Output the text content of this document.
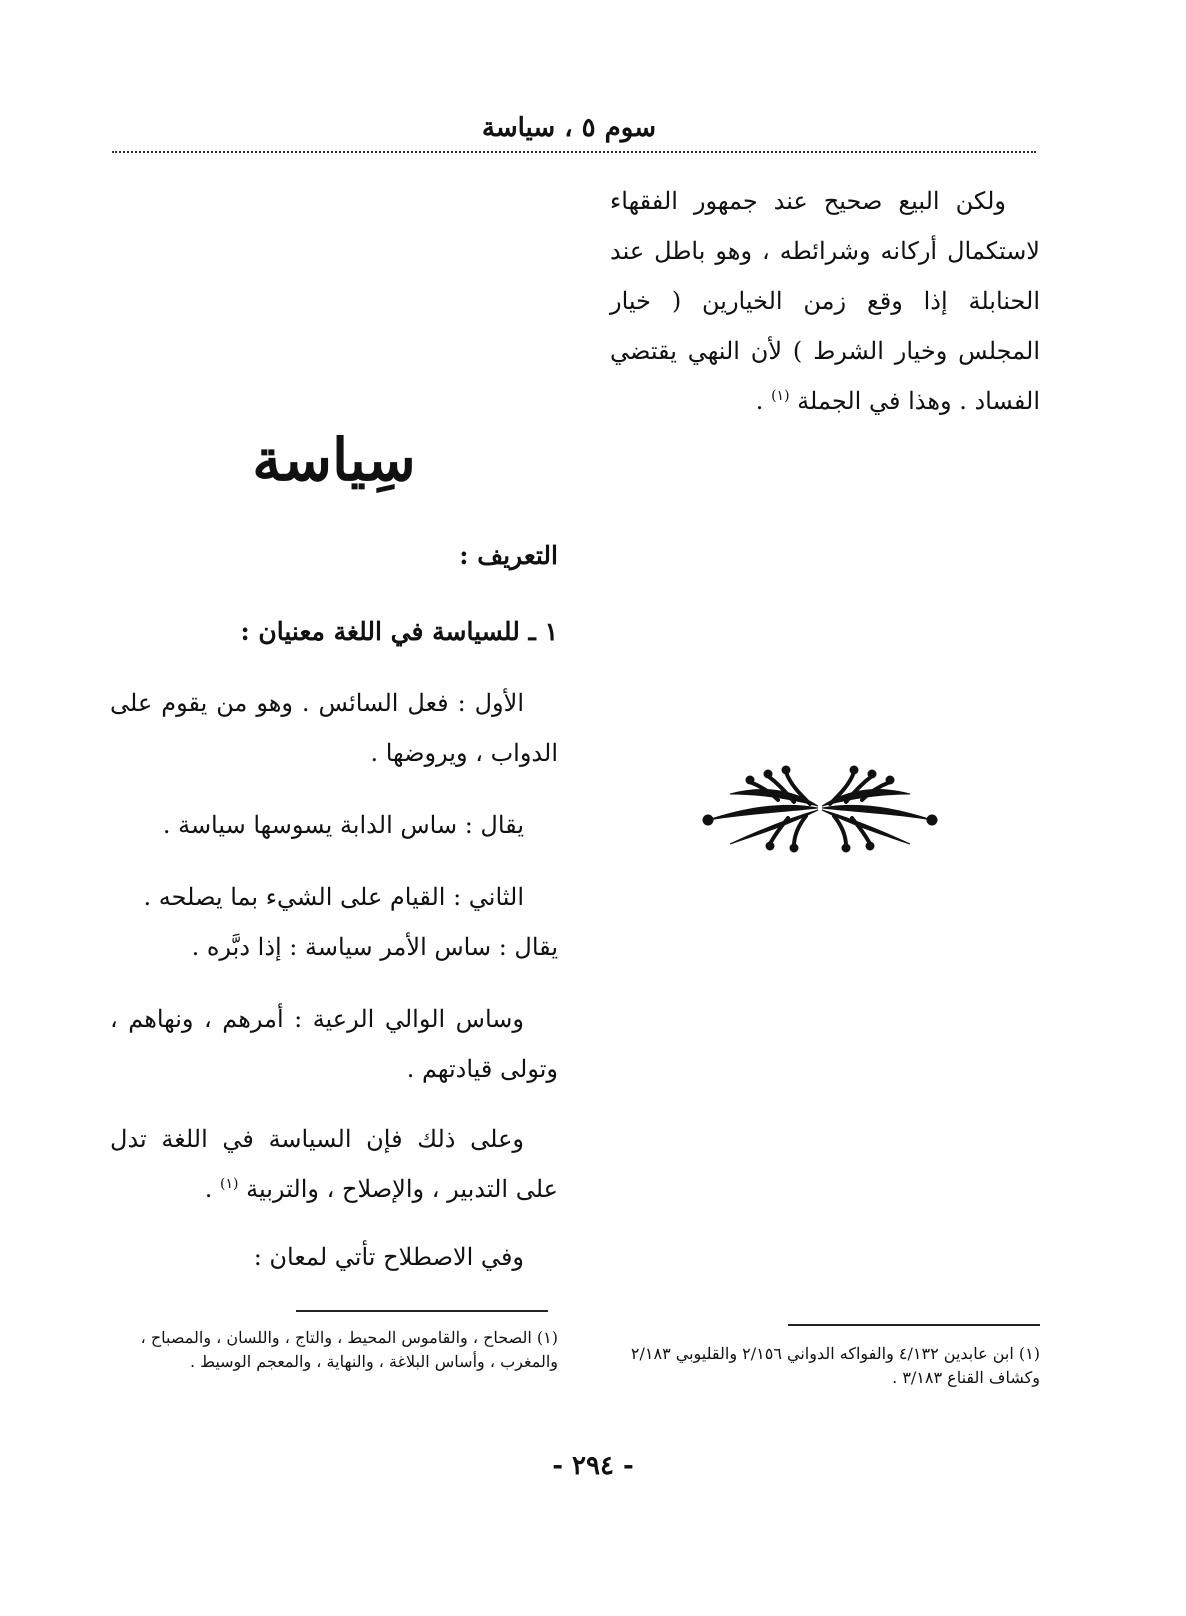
سوم ٥ ، سياسة

ولكن البيع صحيح عند جمهور الفقهاء لاستكمال أركانه وشرائطه ، وهو باطل عند الحنابلة إذا وقع زمن الخيارين ( خيار المجلس وخيار الشرط ) لأن النهي يقتضي الفساد . وهذا في الجملة $^{(١)}$ .

سِياسة

التعريف :

١ ـ للسياسة في اللغة معنيان :

الأول : فعل السائس . وهو من يقوم على الدواب ، ويروضها .

يقال : ساس الدابة يسوسها سياسة .

الثاني : القيام على الشيء بما يصلحه .

يقال : ساس الأمر سياسة : إذا دبَّره .

وساس الوالي الرعية : أمرهم ، ونهاهم ، وتولى قيادتهم .

وعلى ذلك فإن السياسة في اللغة تدل على التدبير ، والإصلاح ، والتربية $^{(١)}$ .

وفي الاصطلاح تأتي لمعان :

(١) الصحاح ، والقاموس المحيط ، والتاج ، واللسان ، والمصباح ، والمغرب ، وأساس البلاغة ، والنهاية ، والمعجم الوسيط .	(١) ابن عابدين ٤/١٣٢ والفواكه الدواني ٢/١٥٦ والقليوبي ٢/١٨٣ وكشاف القناع ٣/١٨٣ .

- ٢٩٤ -
